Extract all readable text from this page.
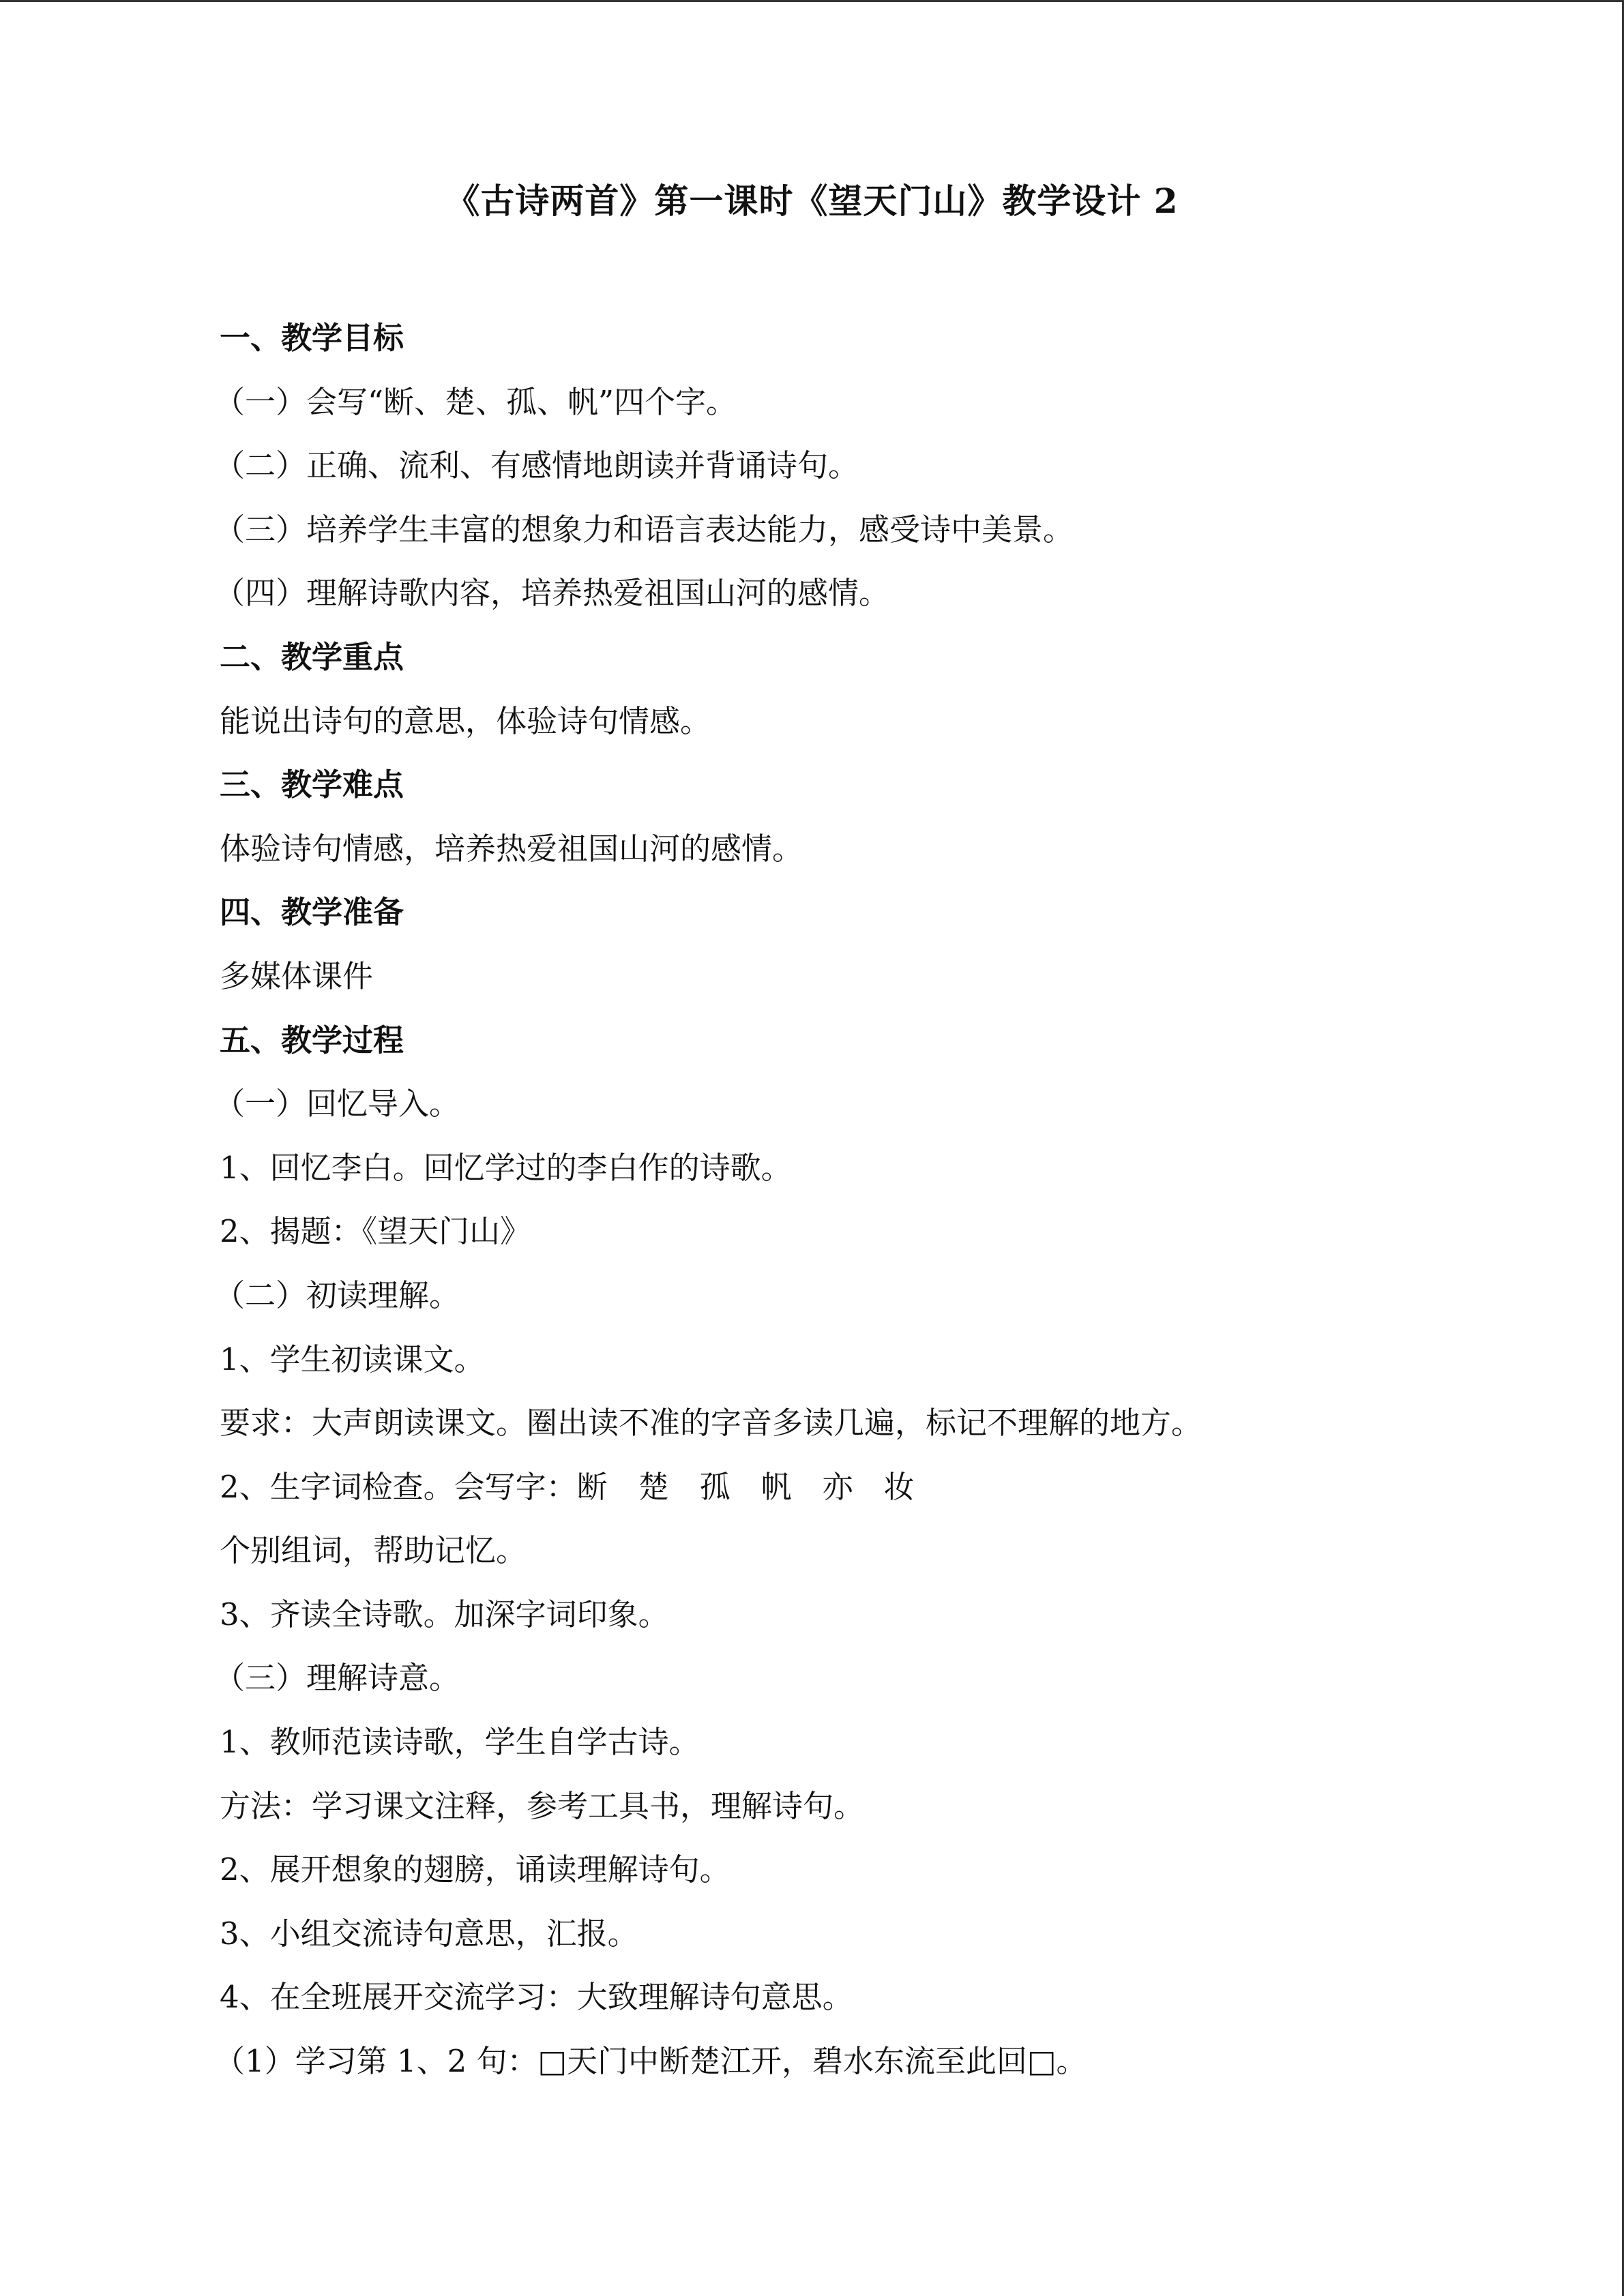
《古诗两首》第一课时《望天门山》教学设计 2
一、教学目标
（一）会写“断、楚、孤、帆”四个字。
（二）正确、流利、有感情地朗读并背诵诗句。
（三）培养学生丰富的想象力和语言表达能力，感受诗中美景。
（四）理解诗歌内容，培养热爱祖国山河的感情。
二、教学重点
能说出诗句的意思，体验诗句情感。
三、教学难点
体验诗句情感，培养热爱祖国山河的感情。
四、教学准备
多媒体课件
五、教学过程
（一）回忆导入。
1、回忆李白。回忆学过的李白作的诗歌。
2、揭题：《望天门山》
（二）初读理解。
1、学生初读课文。
要求：大声朗读课文。圈出读不准的字音多读几遍，标记不理解的地方。
2、生字词检查。会写字：断　楚　孤　帆　亦　妆
个别组词，帮助记忆。
3、齐读全诗歌。加深字词印象。
（三）理解诗意。
1、教师范读诗歌，学生自学古诗。
方法：学习课文注释，参考工具书，理解诗句。
2、展开想象的翅膀，诵读理解诗句。
3、小组交流诗句意思，汇报。
4、在全班展开交流学习：大致理解诗句意思。
（1）学习第 1、2 句：□天门中断楚江开，碧水东流至此回□。
